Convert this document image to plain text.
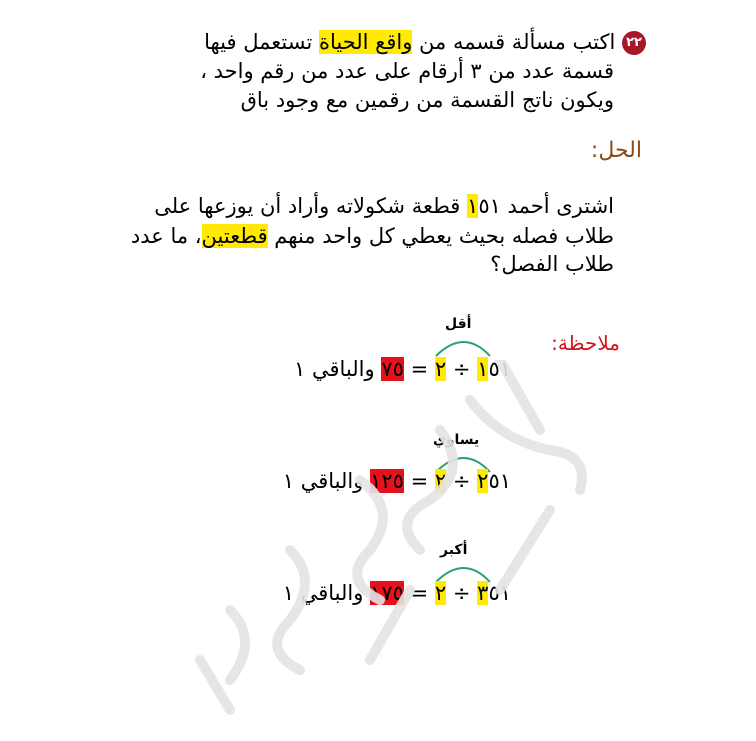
٢٢ اكتب مسألة قسمه من واقع الحياة تستعمل فيها
قسمة عدد من ٣ أرقام على عدد من رقم واحد ،
ويكون ناتج القسمة من رقمين مع وجود باق
الحل:
اشترى أحمد ١٥١ قطعة شكولاته وأراد أن يوزعها على
طلاب فصله بحيث يعطي كل واحد منهم قطعتين، ما عدد
طلاب الفصل؟
ملاحظة:
أقل
١٥١ ÷ ٢ = ٧٥ والباقي ١
يساوي
٢٥١ ÷ ٢ = ١٢٥ والباقي ١
أكبر
٣٥١ ÷ ٢ = ١٧٥ والباقي ١
